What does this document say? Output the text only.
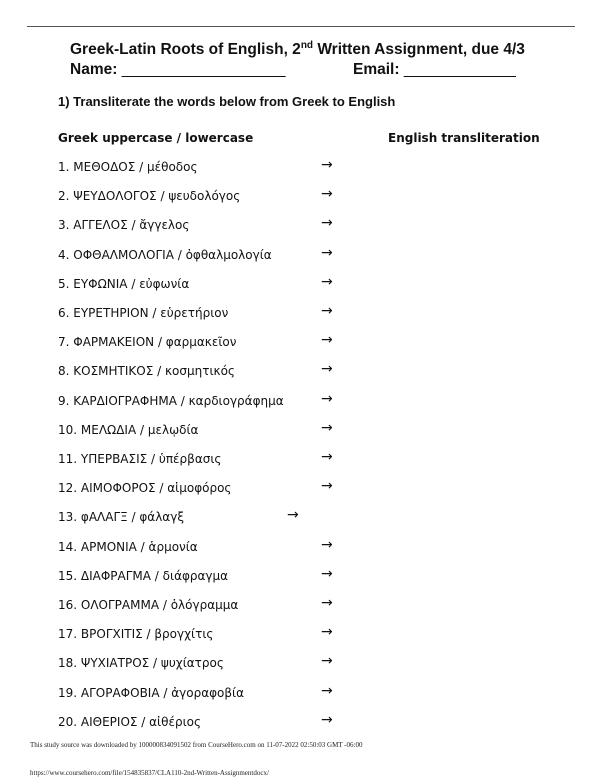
Greek-Latin Roots of English, 2nd Written Assignment, due 4/3
Name: ___________________	Email: _____________
1) Transliterate the words below from Greek to English
Greek uppercase / lowercase	English transliteration
1. ΜΕΘΟΔΟΣ / μέθοδος	→
2. ΨΕΥΔΟΛΟΓΟΣ / ψευδολόγος	→
3. ΑΓΓΕΛΟΣ / ἄγγελος	→
4. ΟΦΘΑΛΜΟΛΟΓΙΑ / ὀφθαλμολογία	→
5. ΕΥΦΩΝΙΑ / εὐφωνία	→
6. ΕΥΡΕΤΗΡΙΟΝ / εὑρετήριον	→
7. ΦΑΡΜΑΚΕΙΟΝ / φαρμακεῖον	→
8. ΚΟΣΜΗΤΙΚΟΣ / κοσμητικός	→
9. ΚΑΡΔΙΟΓΡΑΦΗΜΑ / καρδιογράφημα	→
10. ΜΕΛΩΔΙΑ / μελῳδία	→
11. ΥΠΕΡΒΑΣΙΣ / ὑπέρβασις	→
12. ΑΙΜΟΦΟΡΟΣ / αἱμοφόρος	→
13. φΑΛΑΓΞ / φάλαγξ	→
14. ΑΡΜΟΝΙΑ / ἁρμονία	→
15. ΔΙΑΦΡΑΓΜΑ / διάφραγμα	→
16. ΟΛΟΓΡΑΜΜΑ / ὁλόγραμμα	→
17. ΒΡΟΓΧΙΤΙΣ / βρογχίτις	→
18. ΨΥΧΙΑΤΡΟΣ / ψυχίατρος	→
19. ΑΓΟΡΑΦΟΒΙΑ / ἀγοραφοβία	→
20. ΑΙΘΕΡΙΟΣ / αἰθέριος	→
This study source was downloaded by 100000834091502 from CourseHero.com on 11-07-2022 02:50:03 GMT -06:00
https://www.coursehero.com/file/154835837/CLA110-2nd-Written-Assignmentdocx/
